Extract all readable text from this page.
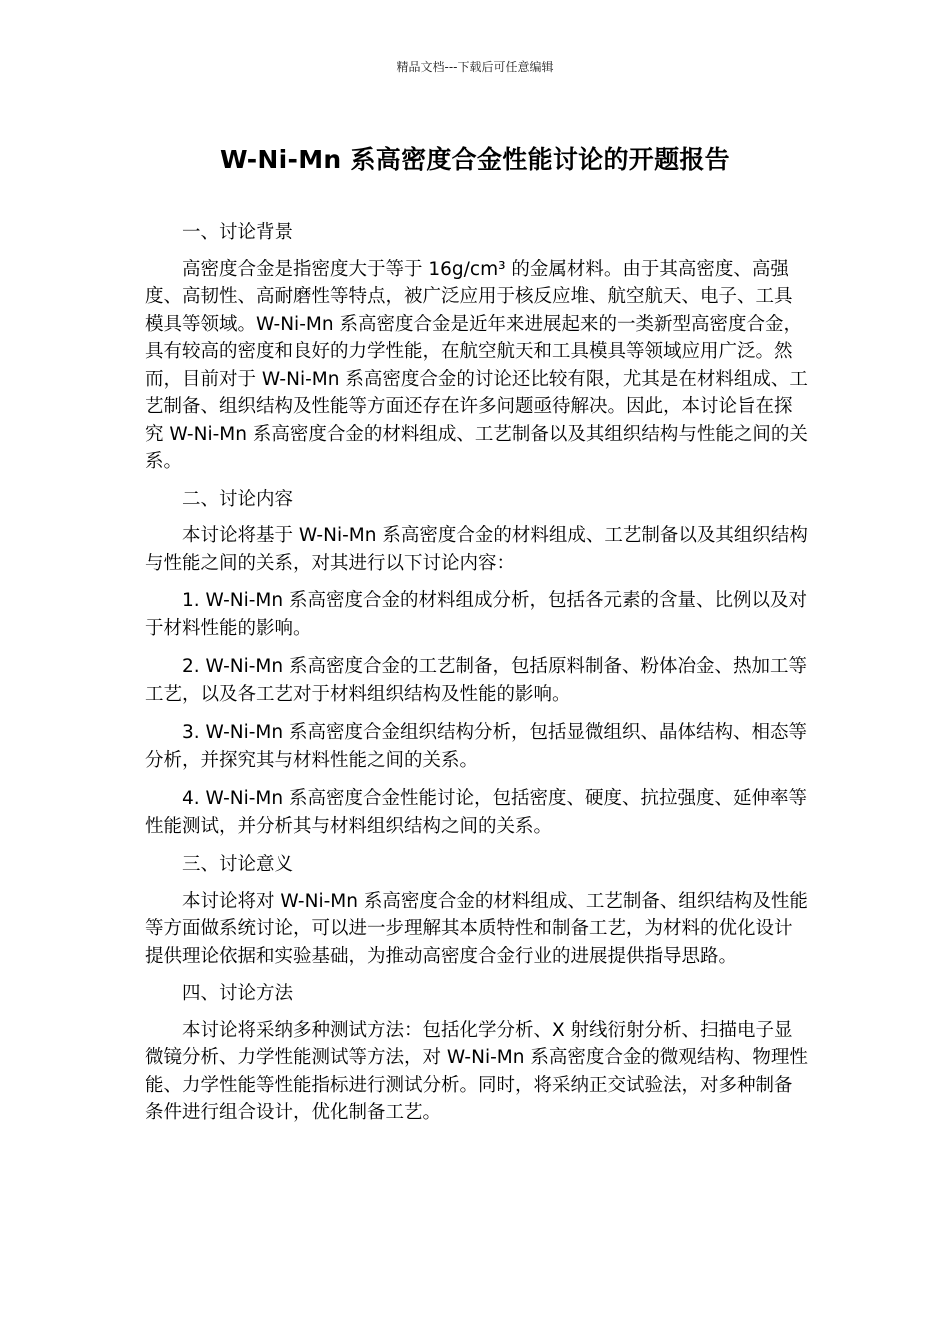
精品文档---下载后可任意编辑
W-Ni-Mn 系高密度合金性能讨论的开题报告

一、讨论背景

高密度合金是指密度大于等于 16g/cm³ 的金属材料。由于其高密度、高强度、高韧性、高耐磨性等特点，被广泛应用于核反应堆、航空航天、电子、工具模具等领域。W-Ni-Mn 系高密度合金是近年来进展起来的一类新型高密度合金，具有较高的密度和良好的力学性能，在航空航天和工具模具等领域应用广泛。然而，目前对于 W-Ni-Mn 系高密度合金的讨论还比较有限，尤其是在材料组成、工艺制备、组织结构及性能等方面还存在许多问题亟待解决。因此，本讨论旨在探究 W-Ni-Mn 系高密度合金的材料组成、工艺制备以及其组织结构与性能之间的关系。

二、讨论内容

本讨论将基于 W-Ni-Mn 系高密度合金的材料组成、工艺制备以及其组织结构与性能之间的关系，对其进行以下讨论内容：

1. W-Ni-Mn 系高密度合金的材料组成分析，包括各元素的含量、比例以及对于材料性能的影响。

2. W-Ni-Mn 系高密度合金的工艺制备，包括原料制备、粉体冶金、热加工等工艺，以及各工艺对于材料组织结构及性能的影响。

3. W-Ni-Mn 系高密度合金组织结构分析，包括显微组织、晶体结构、相态等分析，并探究其与材料性能之间的关系。

4. W-Ni-Mn 系高密度合金性能讨论，包括密度、硬度、抗拉强度、延伸率等性能测试，并分析其与材料组织结构之间的关系。

三、讨论意义

本讨论将对 W-Ni-Mn 系高密度合金的材料组成、工艺制备、组织结构及性能等方面做系统讨论，可以进一步理解其本质特性和制备工艺，为材料的优化设计提供理论依据和实验基础，为推动高密度合金行业的进展提供指导思路。

四、讨论方法

本讨论将采纳多种测试方法：包括化学分析、X 射线衍射分析、扫描电子显微镜分析、力学性能测试等方法，对 W-Ni-Mn 系高密度合金的微观结构、物理性能、力学性能等性能指标进行测试分析。同时，将采纳正交试验法，对多种制备条件进行组合设计，优化制备工艺。
